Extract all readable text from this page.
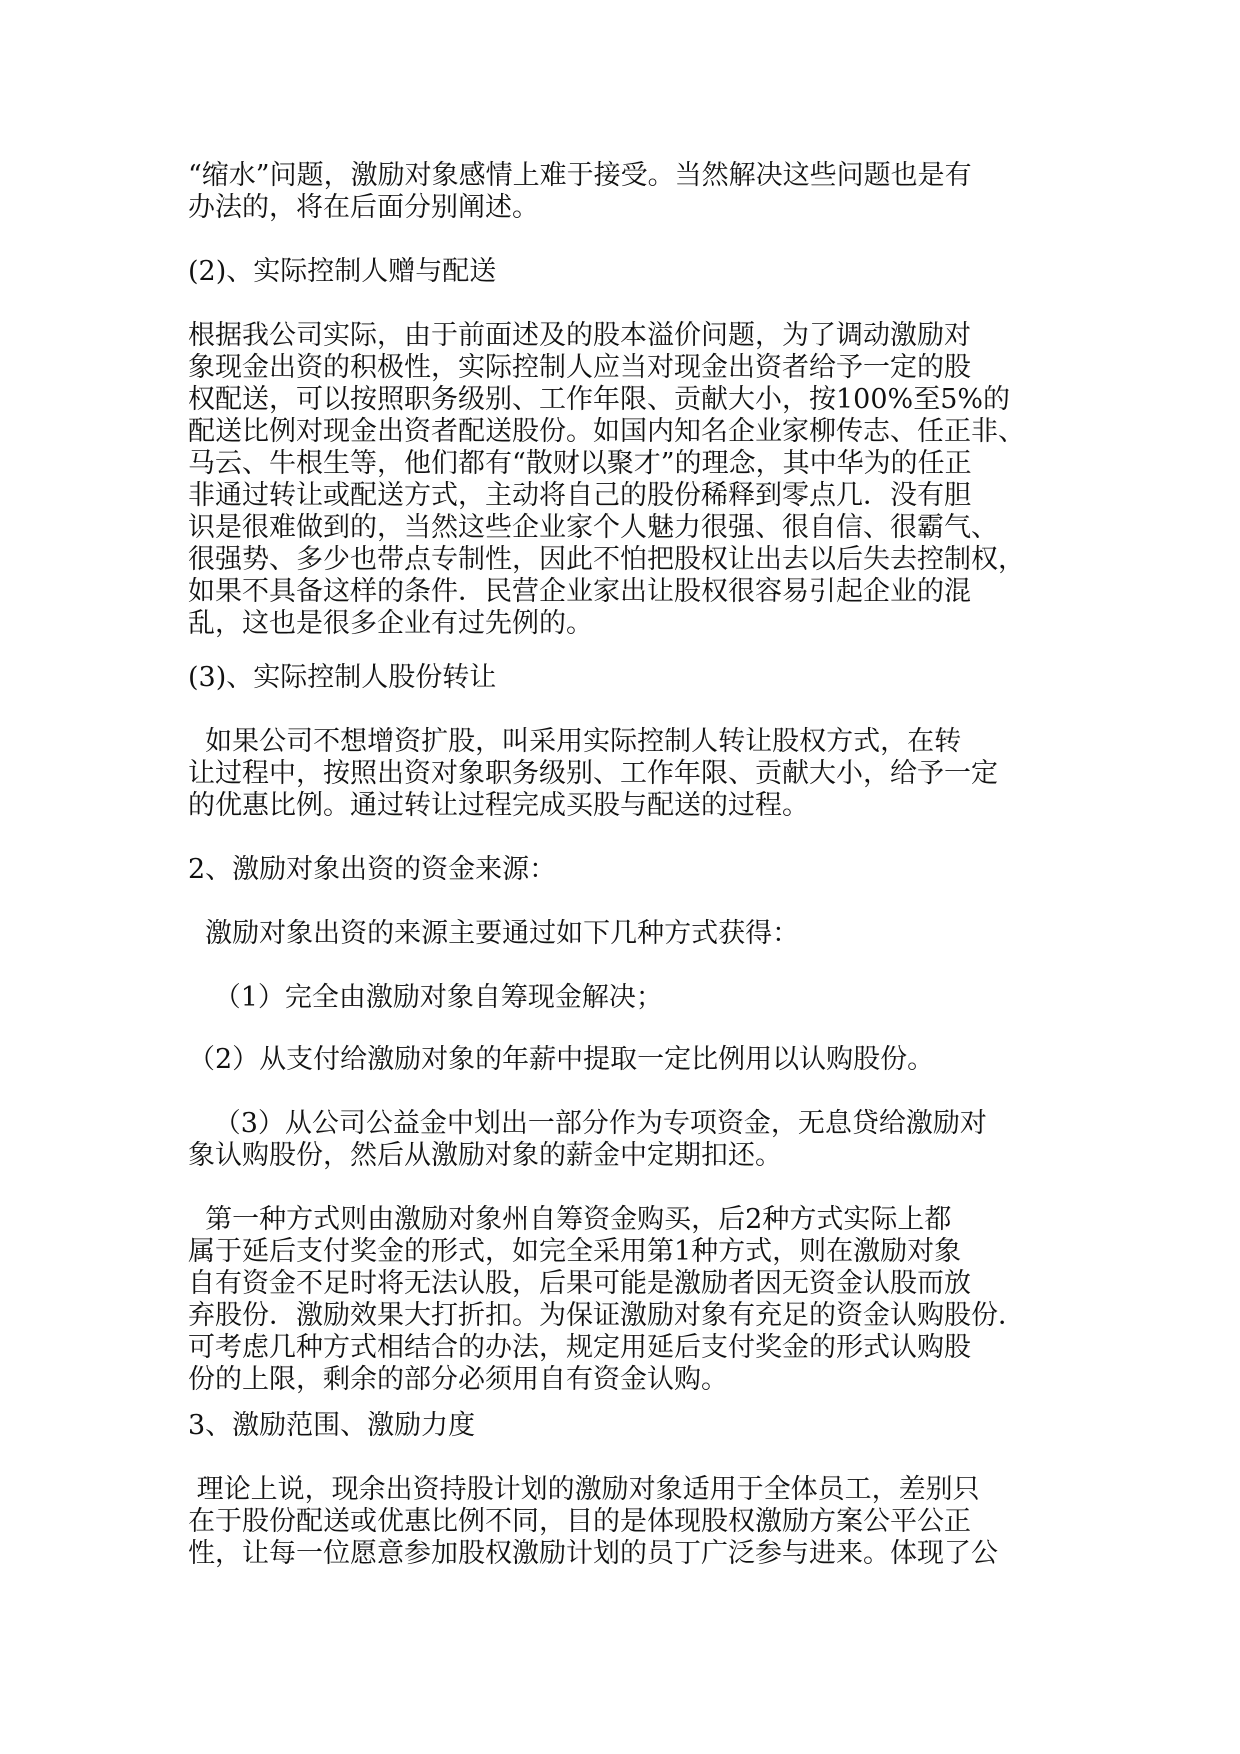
“缩水”问题，激励对象感情上难于接受。当然解决这些问题也是有
办法的，将在后面分别阐述。

(2)、实际控制人赠与配送

根据我公司实际，由于前面述及的股本溢价问题，为了调动激励对
象现金出资的积极性，实际控制人应当对现金出资者给予一定的股
权配送，可以按照职务级别、工作年限、贡献大小，按100%至5%的
配送比例对现金出资者配送股份。如国内知名企业家柳传志、任正非、
马云、牛根生等，他们都有“散财以聚才”的理念，其中华为的任正
非通过转让或配送方式，主动将自己的股份稀释到零点几．没有胆
识是很难做到的，当然这些企业家个人魅力很强、很自信、很霸气、
很强势、多少也带点专制性，因此不怕把股权让出去以后失去控制权，
如果不具备这样的条件．民营企业家出让股权很容易引起企业的混
乱，这也是很多企业有过先例的。

(3)、实际控制人股份转让

如果公司不想增资扩股，叫采用实际控制人转让股权方式，在转
让过程中，按照出资对象职务级别、工作年限、贡献大小，给予一定
的优惠比例。通过转让过程完成买股与配送的过程。

2、激励对象出资的资金来源：

激励对象出资的来源主要通过如下几种方式获得：

（1）完全由激励对象自筹现金解决；

（2）从支付给激励对象的年薪中提取一定比例用以认购股份。

（3）从公司公益金中划出一部分作为专项资金，无息贷给激励对
象认购股份，然后从激励对象的薪金中定期扣还。

第一种方式则由激励对象州自筹资金购买，后2种方式实际上都
属于延后支付奖金的形式，如完全采用第1种方式，则在激励对象
自有资金不足时将无法认股，后果可能是激励者因无资金认股而放
弃股份．激励效果大打折扣。为保证激励对象有充足的资金认购股份．
可考虑几种方式相结合的办法，规定用延后支付奖金的形式认购股
份的上限，剩余的部分必须用自有资金认购。

3、激励范围、激励力度

理论上说，现余出资持股计划的激励对象适用于全体员工，差别只
在于股份配送或优惠比例不同，目的是体现股权激励方案公平公正
性，让每一位愿意参加股权激励计划的员丁广泛参与进来。体现了公
